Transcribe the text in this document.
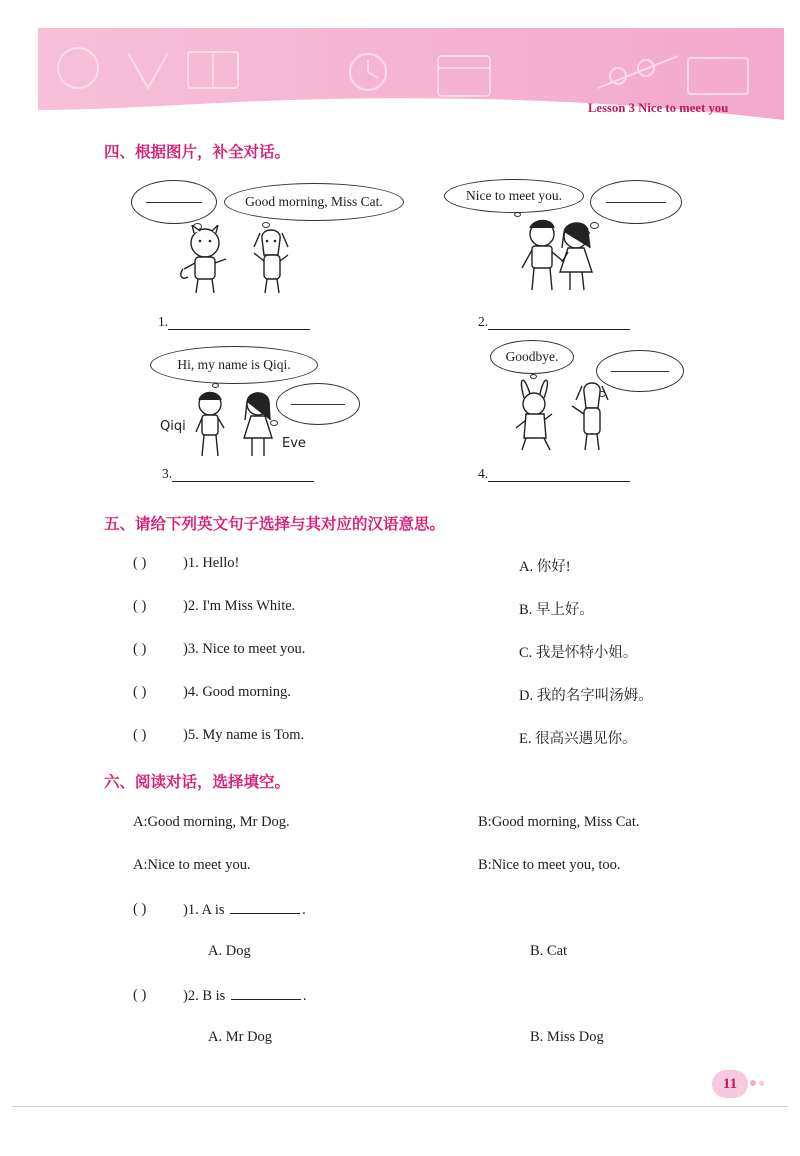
Lesson 3 Nice to meet you
四、根据图片，补全对话。
Good morning, Miss Cat.
1.
Nice to meet you.
2.
Hi, my name is Qiqi.
Qiqi
Eve
3.
Goodbye.
4.
五、请给下列英文句子选择与其对应的汉语意思。
( )	)1. Hello!	A. 你好!
( )	)2. I'm Miss White.	B. 早上好。
( )	)3. Nice to meet you.	C. 我是怀特小姐。
( )	)4. Good morning.	D. 我的名字叫汤姆。
( )	)5. My name is Tom.	E. 很高兴遇见你。
六、阅读对话，选择填空。
A:Good morning, Mr Dog.	B:Good morning, Miss Cat.
A:Nice to meet you.	B:Nice to meet you, too.
( )	)1. A is	.
A. Dog	B. Cat
( )	)2. B is	.
A. Mr Dog	B. Miss Dog
11
